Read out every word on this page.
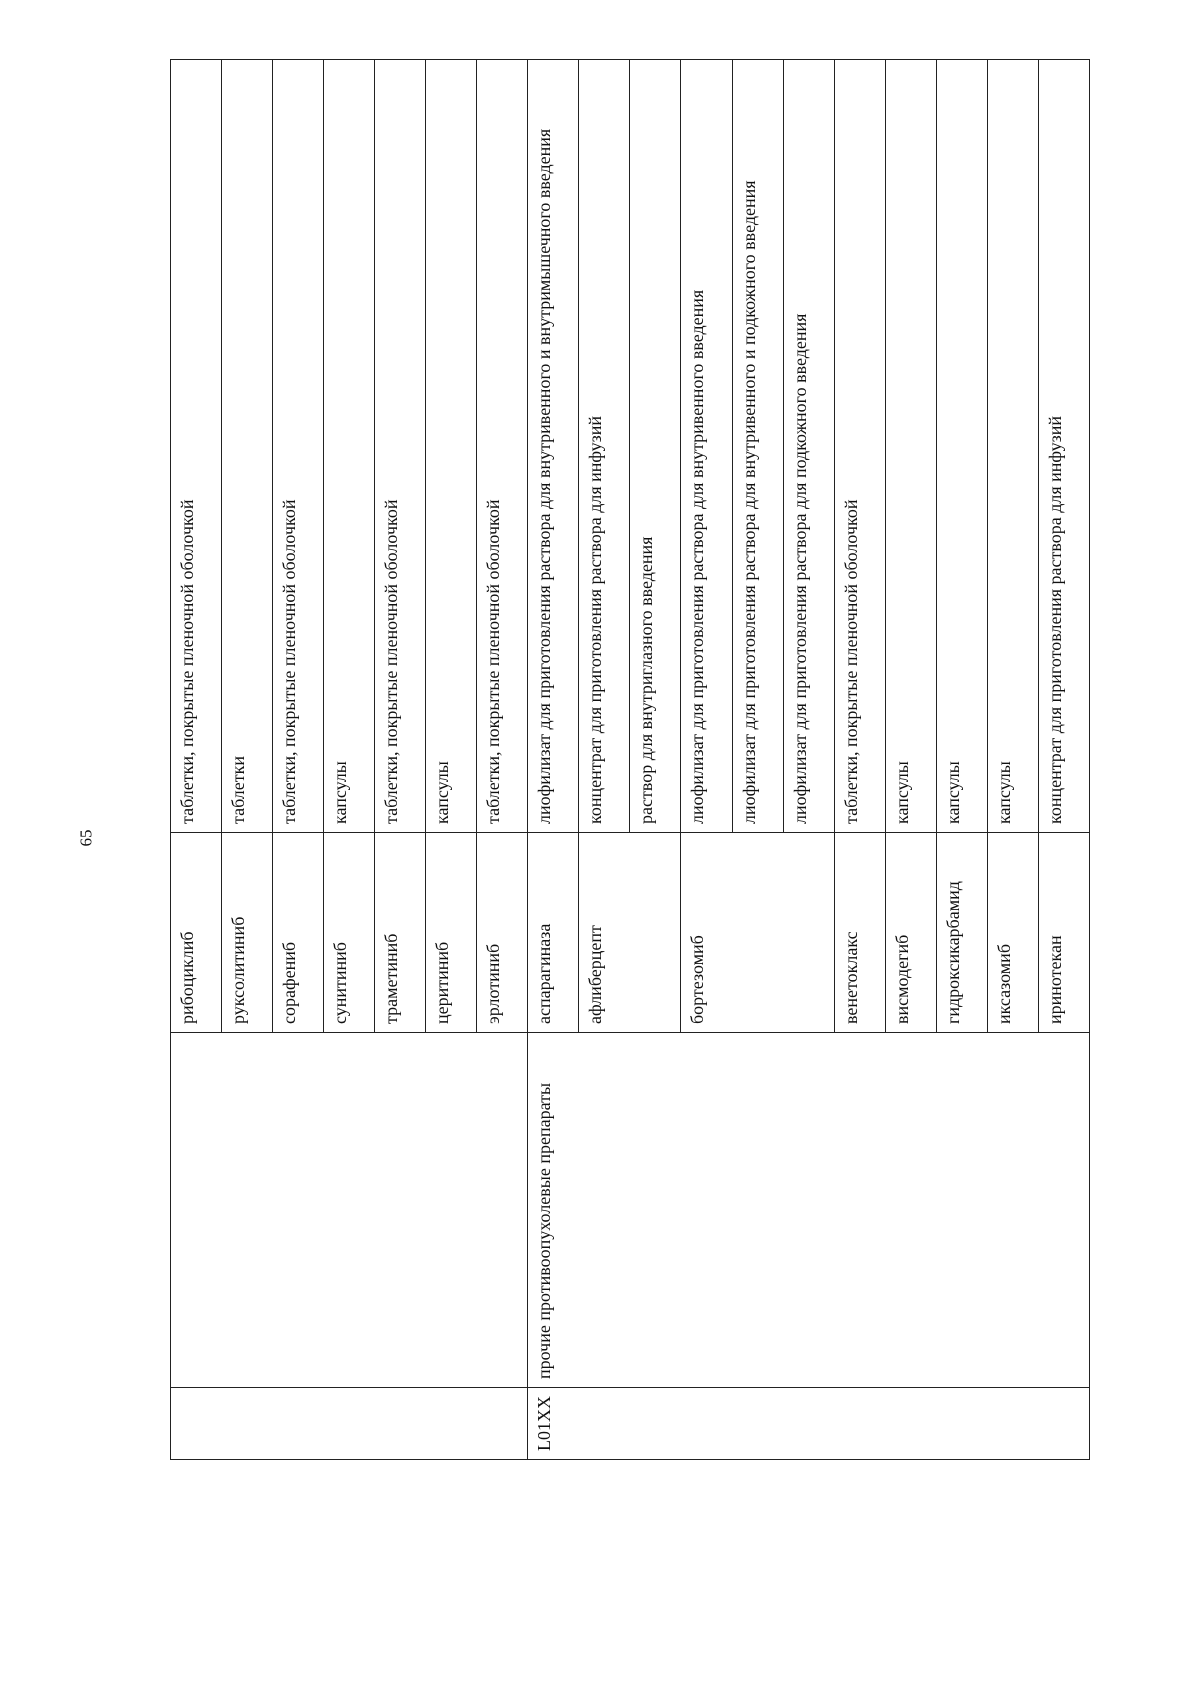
65
		рибоциклиб	таблетки, покрытые пленочной оболочкой
		руксолитиниб	таблетки
		сорафениб	таблетки, покрытые пленочной оболочкой
		сунитиниб	капсулы
		траметиниб	таблетки, покрытые пленочной оболочкой
		церитиниб	капсулы
		эрлотиниб	таблетки, покрытые пленочной оболочкой
L01XX	прочие противоопухолевые препараты	аспарагиназа	лиофилизат для приготовления раствора для внутривенного и внутримышечного введения
		афлиберцепт	концентрат для приготовления раствора для инфузий
			раствор для внутриглазного введения
		бортезомиб	лиофилизат для приготовления раствора для внутривенного введения
			лиофилизат для приготовления раствора для внутривенного и подкожного введения
			лиофилизат для приготовления раствора для подкожного введения
		венетоклакс	таблетки, покрытые пленочной оболочкой
		висмодегиб	капсулы
		гидроксикарбамид	капсулы
		иксазомиб	капсулы
		иринотекан	концентрат для приготовления раствора для инфузий
